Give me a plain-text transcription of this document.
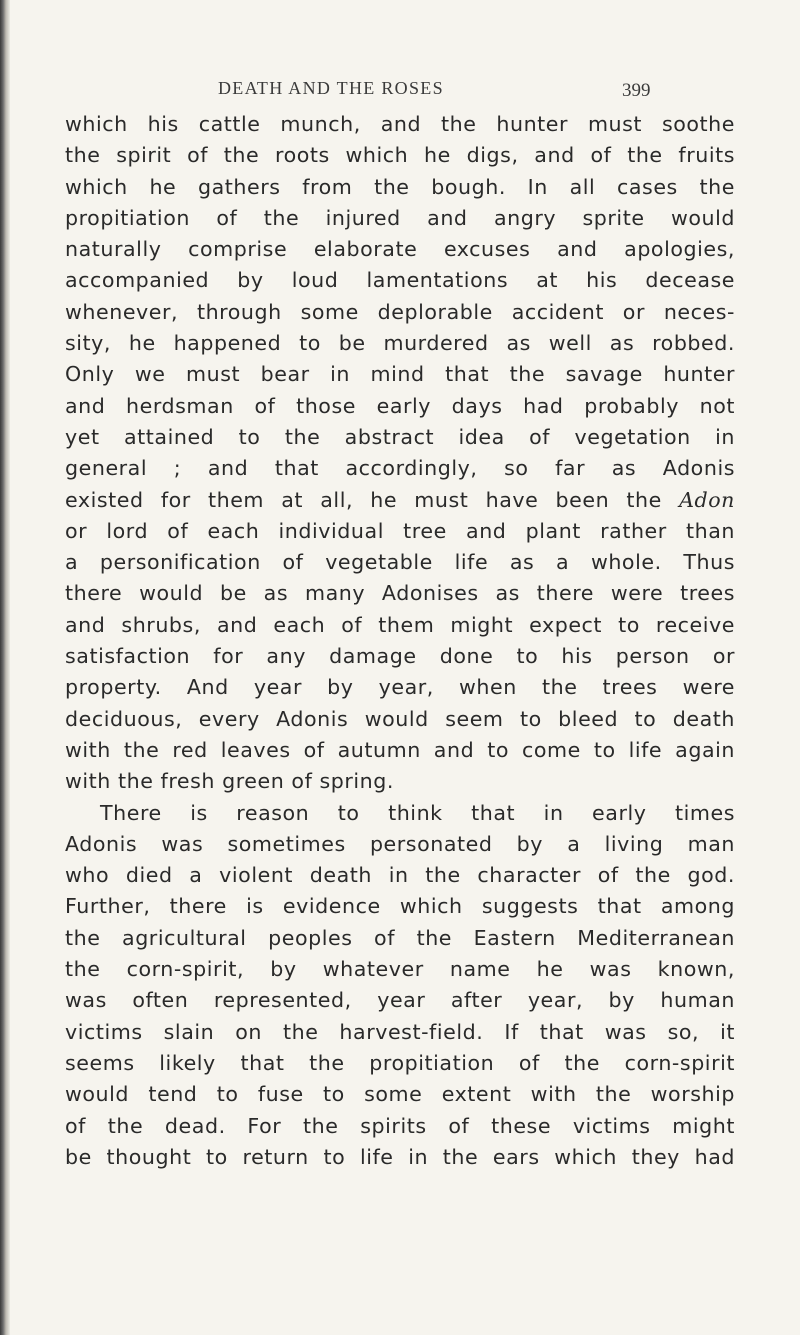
DEATH AND THE ROSES	399
which his cattle munch, and the hunter must soothe
the spirit of the roots which he digs, and of the fruits
which he gathers from the bough. In all cases the
propitiation of the injured and angry sprite would
naturally comprise elaborate excuses and apologies,
accompanied by loud lamentations at his decease
whenever, through some deplorable accident or neces-
sity, he happened to be murdered as well as robbed.
Only we must bear in mind that the savage hunter
and herdsman of those early days had probably not
yet attained to the abstract idea of vegetation in
general ; and that accordingly, so far as Adonis
existed for them at all, he must have been the Adon
or lord of each individual tree and plant rather than
a personification of vegetable life as a whole. Thus
there would be as many Adonises as there were trees
and shrubs, and each of them might expect to receive
satisfaction for any damage done to his person or
property. And year by year, when the trees were
deciduous, every Adonis would seem to bleed to death
with the red leaves of autumn and to come to life again
with the fresh green of spring.
There is reason to think that in early times
Adonis was sometimes personated by a living man
who died a violent death in the character of the god.
Further, there is evidence which suggests that among
the agricultural peoples of the Eastern Mediterranean
the corn-spirit, by whatever name he was known,
was often represented, year after year, by human
victims slain on the harvest-field. If that was so, it
seems likely that the propitiation of the corn-spirit
would tend to fuse to some extent with the worship
of the dead. For the spirits of these victims might
be thought to return to life in the ears which they had
